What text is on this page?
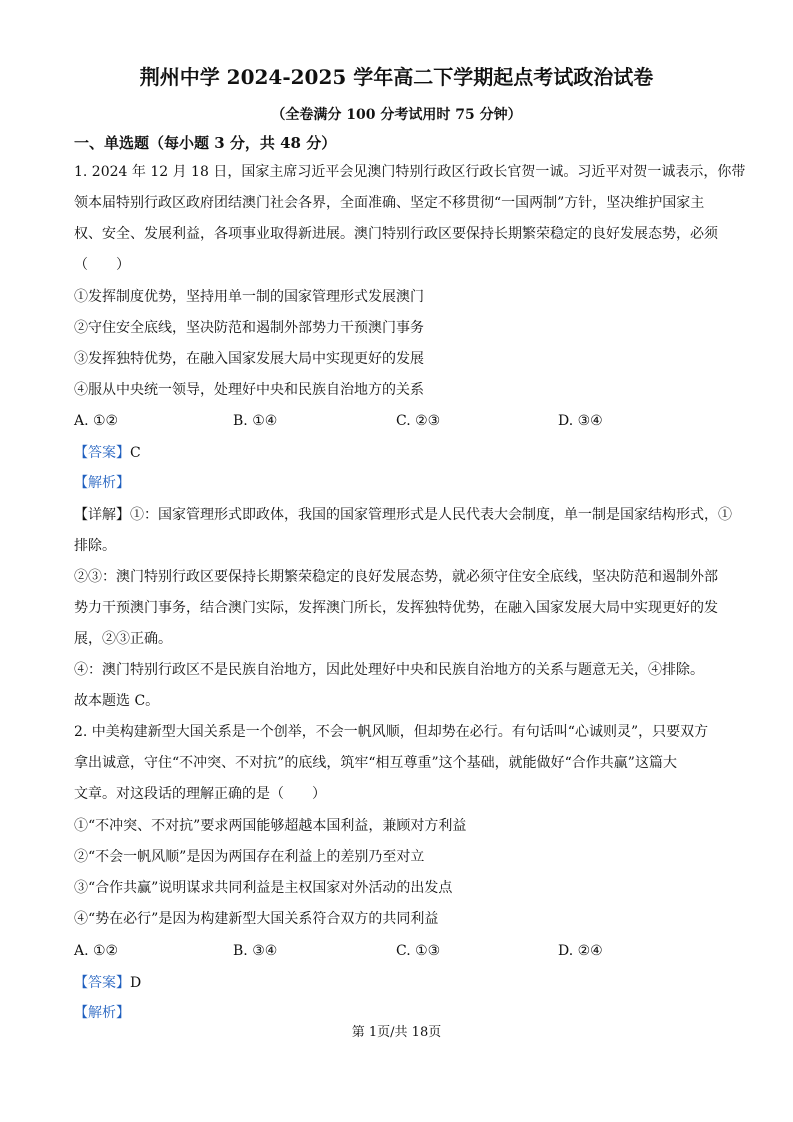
荆州中学 2024-2025 学年高二下学期起点考试政治试卷
（全卷满分 100 分考试用时 75 分钟）
一、单选题（每小题 3 分，共 48 分）
1. 2024 年 12 月 18 日，国家主席习近平会见澳门特别行政区行政长官贺一诚。习近平对贺一诚表示，你带
领本届特别行政区政府团结澳门社会各界，全面准确、坚定不移贯彻“一国两制”方针，坚决维护国家主
权、安全、发展利益，各项事业取得新进展。澳门特别行政区要保持长期繁荣稳定的良好发展态势，必须
（　　）
①发挥制度优势，坚持用单一制的国家管理形式发展澳门
②守住安全底线，坚决防范和遏制外部势力干预澳门事务
③发挥独特优势，在融入国家发展大局中实现更好的发展
④服从中央统一领导，处理好中央和民族自治地方的关系
A. ①②	B. ①④	C. ②③	D. ③④
【答案】C
【解析】
【详解】①：国家管理形式即政体，我国的国家管理形式是人民代表大会制度，单一制是国家结构形式，①
排除。
②③：澳门特别行政区要保持长期繁荣稳定的良好发展态势，就必须守住安全底线，坚决防范和遏制外部
势力干预澳门事务，结合澳门实际，发挥澳门所长，发挥独特优势，在融入国家发展大局中实现更好的发
展，②③正确。
④：澳门特别行政区不是民族自治地方，因此处理好中央和民族自治地方的关系与题意无关，④排除。
故本题选 C。
2. 中美构建新型大国关系是一个创举，不会一帆风顺，但却势在必行。有句话叫“心诚则灵”，只要双方
拿出诚意，守住“不冲突、不对抗”的底线，筑牢“相互尊重”这个基础，就能做好“合作共赢”这篇大
文章。对这段话的理解正确的是（　　）
①“不冲突、不对抗”要求两国能够超越本国利益，兼顾对方利益
②“不会一帆风顺”是因为两国存在利益上的差别乃至对立
③“合作共赢”说明谋求共同利益是主权国家对外活动的出发点
④“势在必行”是因为构建新型大国关系符合双方的共同利益
A. ①②	B. ③④	C. ①③	D. ②④
【答案】D
【解析】
第 1页/共 18页
